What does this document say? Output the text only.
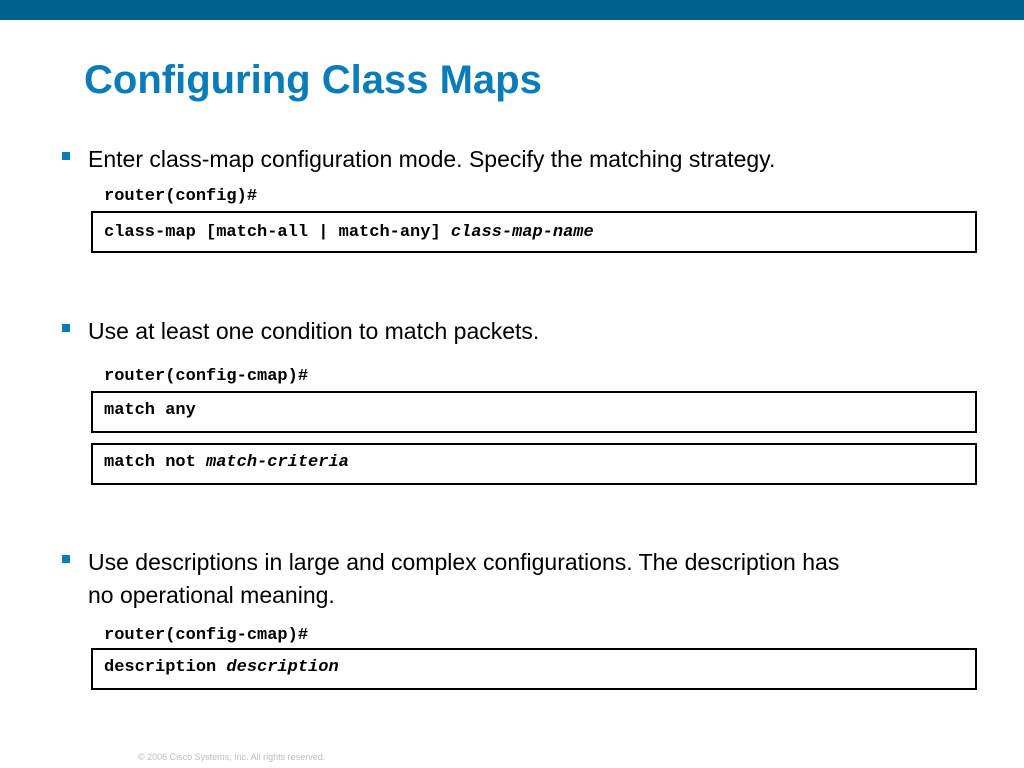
Configuring Class Maps
Enter class-map configuration mode. Specify the matching strategy.
router(config)#
class-map [match-all | match-any] class-map-name
Use at least one condition to match packets.
router(config-cmap)#
match any
match not match-criteria
Use descriptions in large and complex configurations. The description has no operational meaning.
router(config-cmap)#
description description
© 2006 Cisco Systems, Inc. All rights reserved.
